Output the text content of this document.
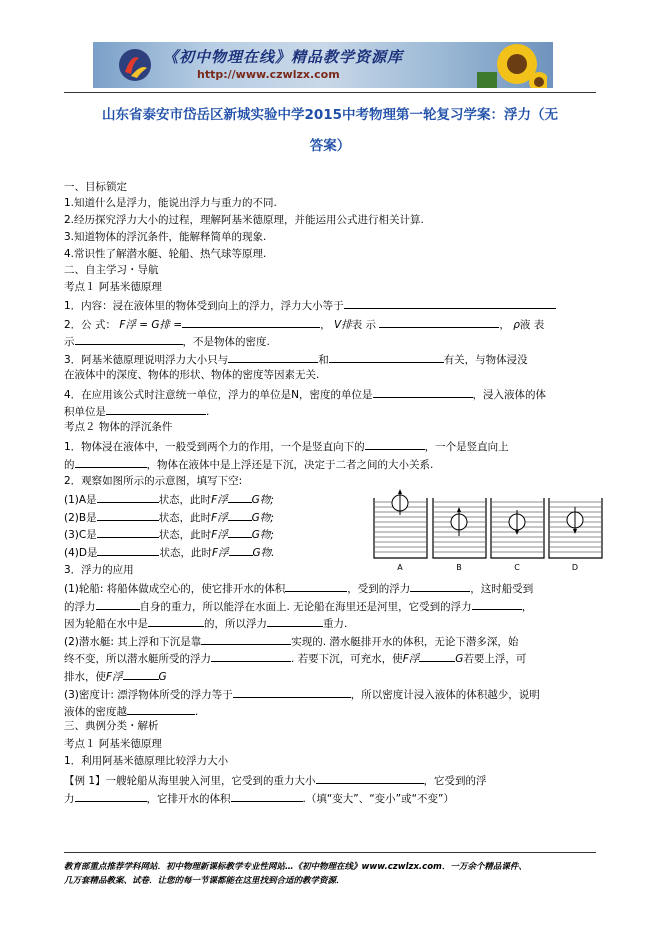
《初中物理在线》精品教学资源库
http://www.czwlzx.com
山东省泰安市岱岳区新城实验中学2015中考物理第一轮复习学案：浮力（无
答案）
一、目标锁定
1.知道什么是浮力，能说出浮力与重力的不同.
2.经历探究浮力大小的过程，理解阿基米德原理，并能运用公式进行相关计算.
3.知道物体的浮沉条件，能解释简单的现象.
4.常识性了解潜水艇、轮船、热气球等原理.
二、自主学习・导航
考点１ 阿基米德原理
1．内容：浸在液体里的物体受到向上的浮力，浮力大小等于
2．公 式： F浮 = G排 =	， V排表 示	， ρ液 表
示	，不是物体的密度.
3．阿基米德原理说明浮力大小只与	和	有关，与物体浸没
在液体中的深度、物体的形状、物体的密度等因素无关.
4．在应用该公式时注意统一单位，浮力的单位是N，密度的单位是	，浸入液体的体
积单位是	.
考点２ 物体的浮沉条件
1．物体浸在液体中，一般受到两个力的作用，一个是竖直向下的	，一个是竖直向上
的	，物体在液体中是上浮还是下沉，决定于二者之间的大小关系.
2．观察如图所示的示意图，填写下空:
(1)A是	状态，此时F浮 G物;
(2)B是	状态，此时F浮 G物;
(3)C是	状态，此时F浮 G物;
(4)D是	状态，此时F浮 G物.
A	B	C	D
3．浮力的应用
(1)轮船: 将船体做成空心的，使它排开水的体积	，受到的浮力	，这时船受到
的浮力	自身的重力，所以能浮在水面上. 无论船在海里还是河里，它受到的浮力	，
因为轮船在水中是	的，所以浮力	重力.
(2)潜水艇: 其上浮和下沉是靠	实现的. 潜水艇排开水的体积，无论下潜多深，始
终不变，所以潜水艇所受的浮力	. 若要下沉，可充水，使F浮	G若要上浮，可
排水，使F浮	G
(3)密度计: 漂浮物体所受的浮力等于	，所以密度计浸入液体的体积越少，说明
液体的密度越	.
三、典例分类・解析
考点１ 阿基米德原理
1．利用阿基米德原理比较浮力大小
【例 1】一艘轮船从海里驶入河里，它受到的重力大小	，它受到的浮
力	，它排开水的体积	.（填“变大”、“变小”或“不变”）
教育部重点推荐学科网站．初中物理新课标教学专业性网站…《初中物理在线》www.czwlzx.com．一万余个精品课件、
几万套精品教案、试卷．让您的每一节课都能在这里找到合适的教学资源．
